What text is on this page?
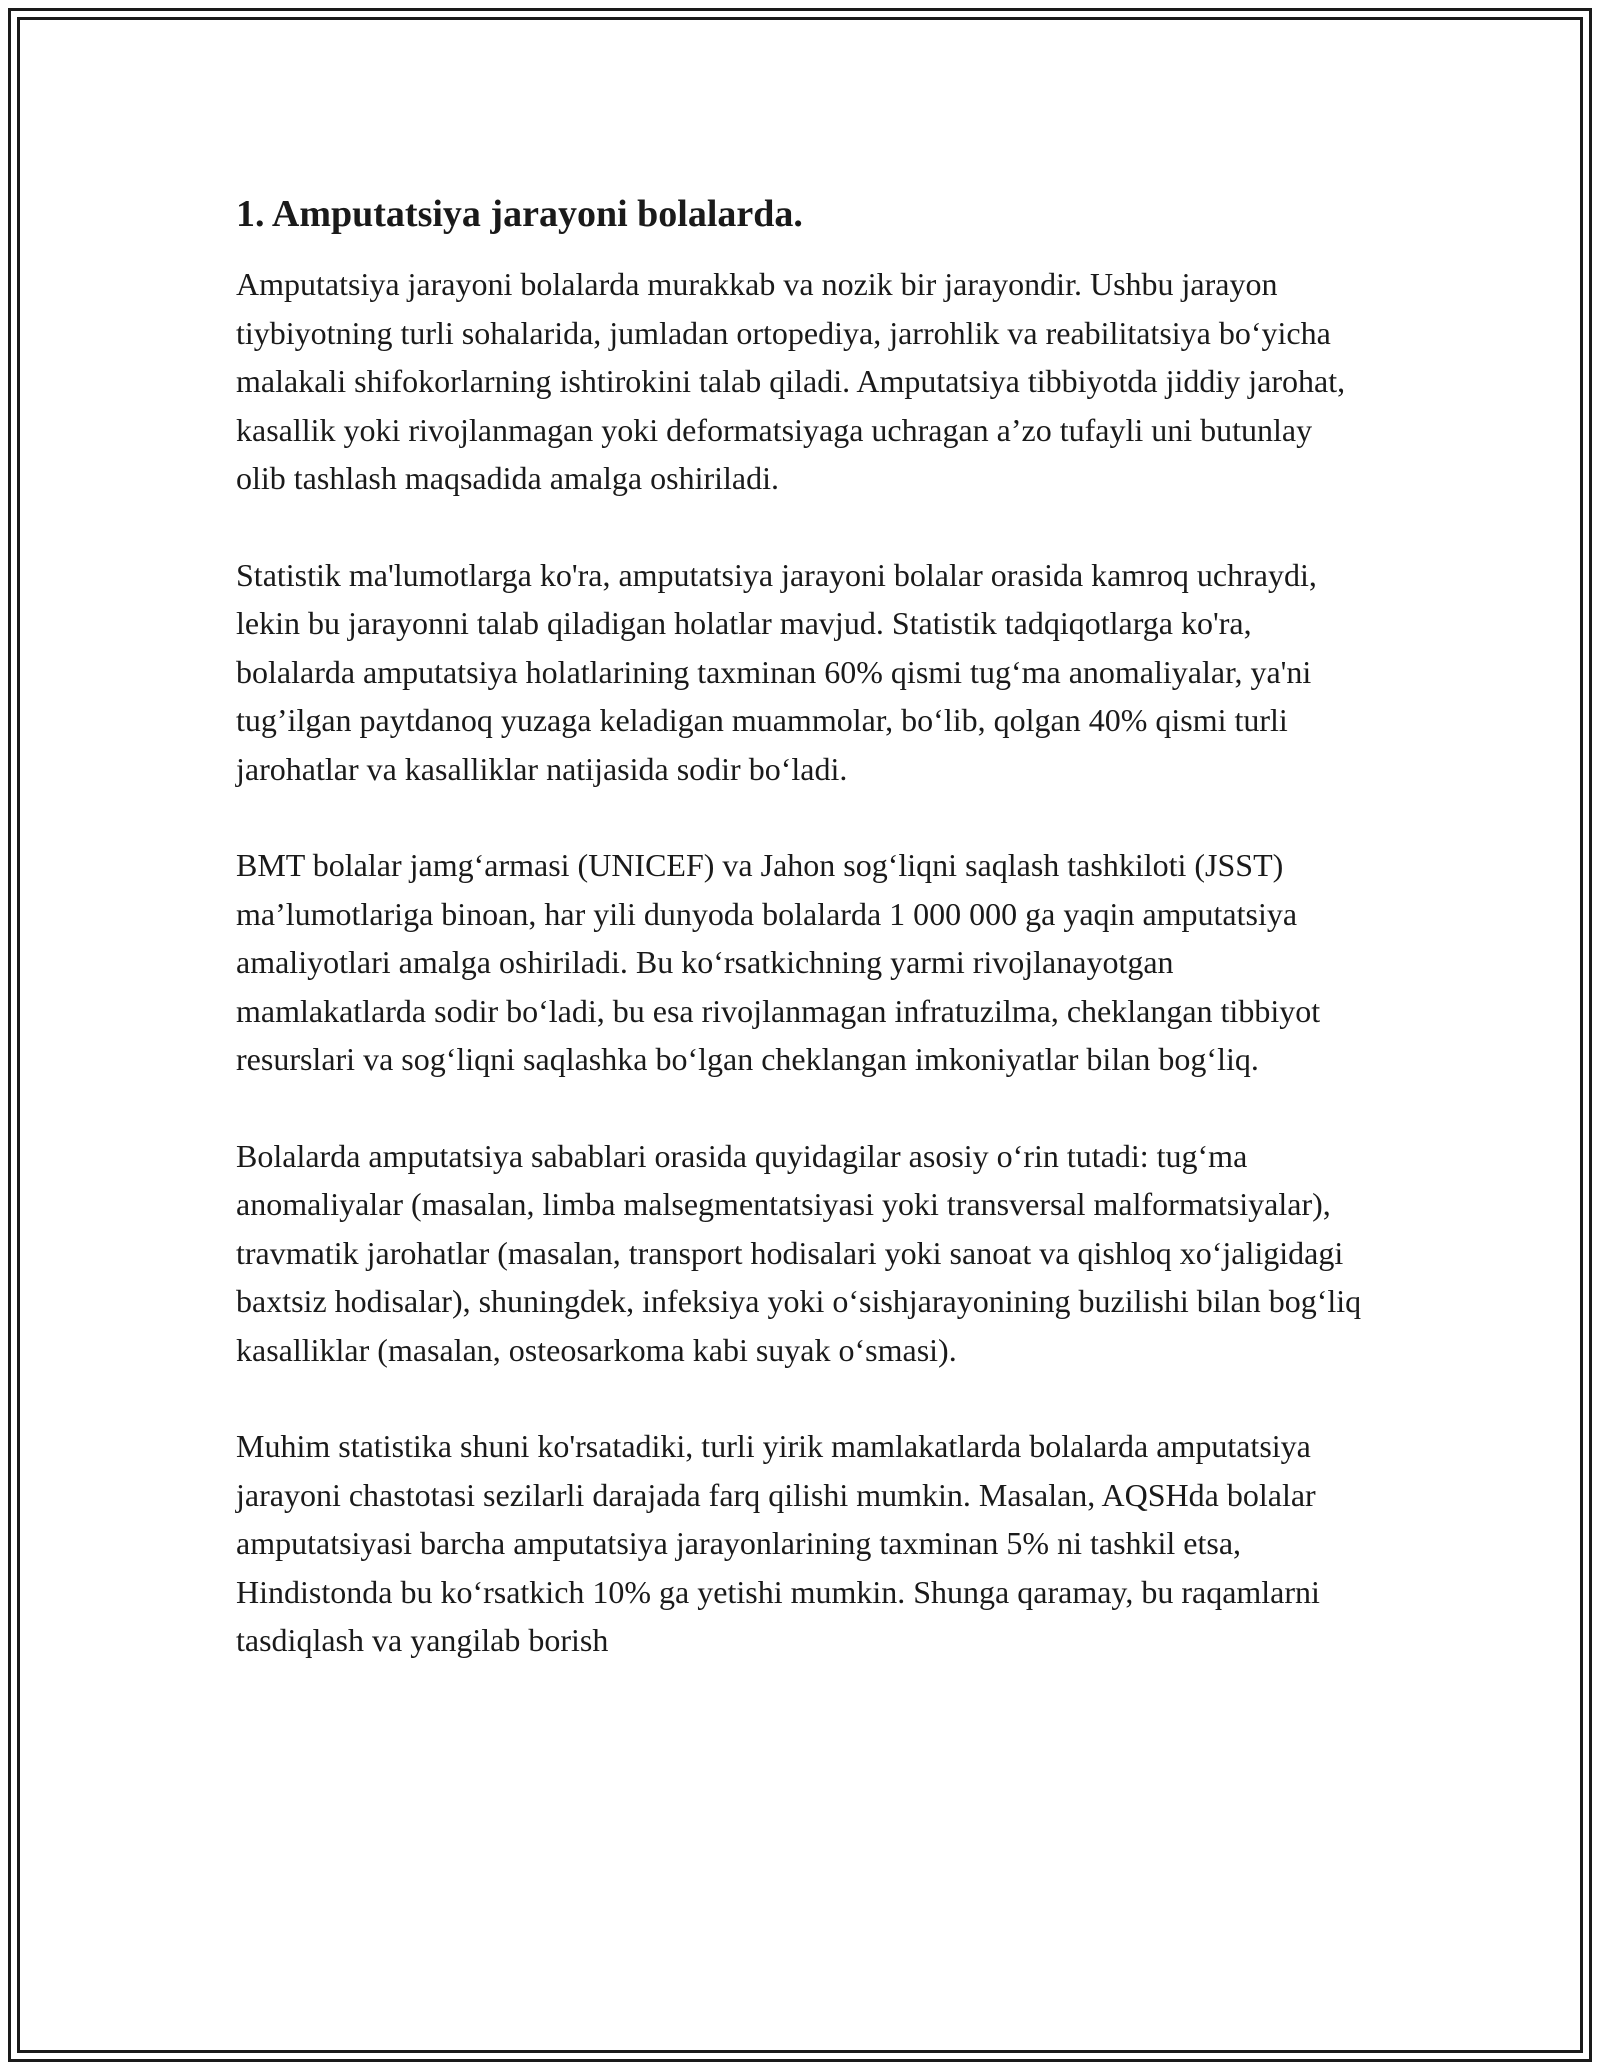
1. Amputatsiya jarayoni bolalarda.

Amputatsiya jarayoni bolalarda murakkab va nozik bir jarayondir. Ushbu jarayon tiybiyotning turli sohalarida, jumladan ortopediya, jarrohlik va reabilitatsiya bo‘yicha malakali shifokorlarning ishtirokini talab qiladi. Amputatsiya tibbiyotda jiddiy jarohat, kasallik yoki rivojlanmagan yoki deformatsiyaga uchragan a’zo tufayli uni butunlay olib tashlash maqsadida amalga oshiriladi.

Statistik ma'lumotlarga ko'ra, amputatsiya jarayoni bolalar orasida kamroq uchraydi, lekin bu jarayonni talab qiladigan holatlar mavjud. Statistik tadqiqotlarga ko'ra, bolalarda amputatsiya holatlarining taxminan 60% qismi tug‘ma anomaliyalar, ya'ni tug’ilgan paytdanoq yuzaga keladigan muammolar, bo‘lib, qolgan 40% qismi turli jarohatlar va kasalliklar natijasida sodir bo‘ladi.

BMT bolalar jamg‘armasi (UNICEF) va Jahon sog‘liqni saqlash tashkiloti (JSST) ma’lumotlariga binoan, har yili dunyoda bolalarda 1 000 000 ga yaqin amputatsiya amaliyotlari amalga oshiriladi. Bu ko‘rsatkichning yarmi rivojlanayotgan mamlakatlarda sodir bo‘ladi, bu esa rivojlanmagan infratuzilma, cheklangan tibbiyot resurslari va sog‘liqni saqlashka bo‘lgan cheklangan imkoniyatlar bilan bog‘liq.

Bolalarda amputatsiya sabablari orasida quyidagilar asosiy o‘rin tutadi: tug‘ma anomaliyalar (masalan, limba malsegmentatsiyasi yoki transversal malformatsiyalar), travmatik jarohatlar (masalan, transport hodisalari yoki sanoat va qishloq xo‘jaligidagi baxtsiz hodisalar), shuningdek, infeksiya yoki o‘sishjarayonining buzilishi bilan bog‘liq kasalliklar (masalan, osteosarkoma kabi suyak o‘smasi).

Muhim statistika shuni ko'rsatadiki, turli yirik mamlakatlarda bolalarda amputatsiya jarayoni chastotasi sezilarli darajada farq qilishi mumkin. Masalan, AQSHda bolalar amputatsiyasi barcha amputatsiya jarayonlarining taxminan 5% ni tashkil etsa, Hindistonda bu ko‘rsatkich 10% ga yetishi mumkin. Shunga qaramay, bu raqamlarni tasdiqlash va yangilab borish
